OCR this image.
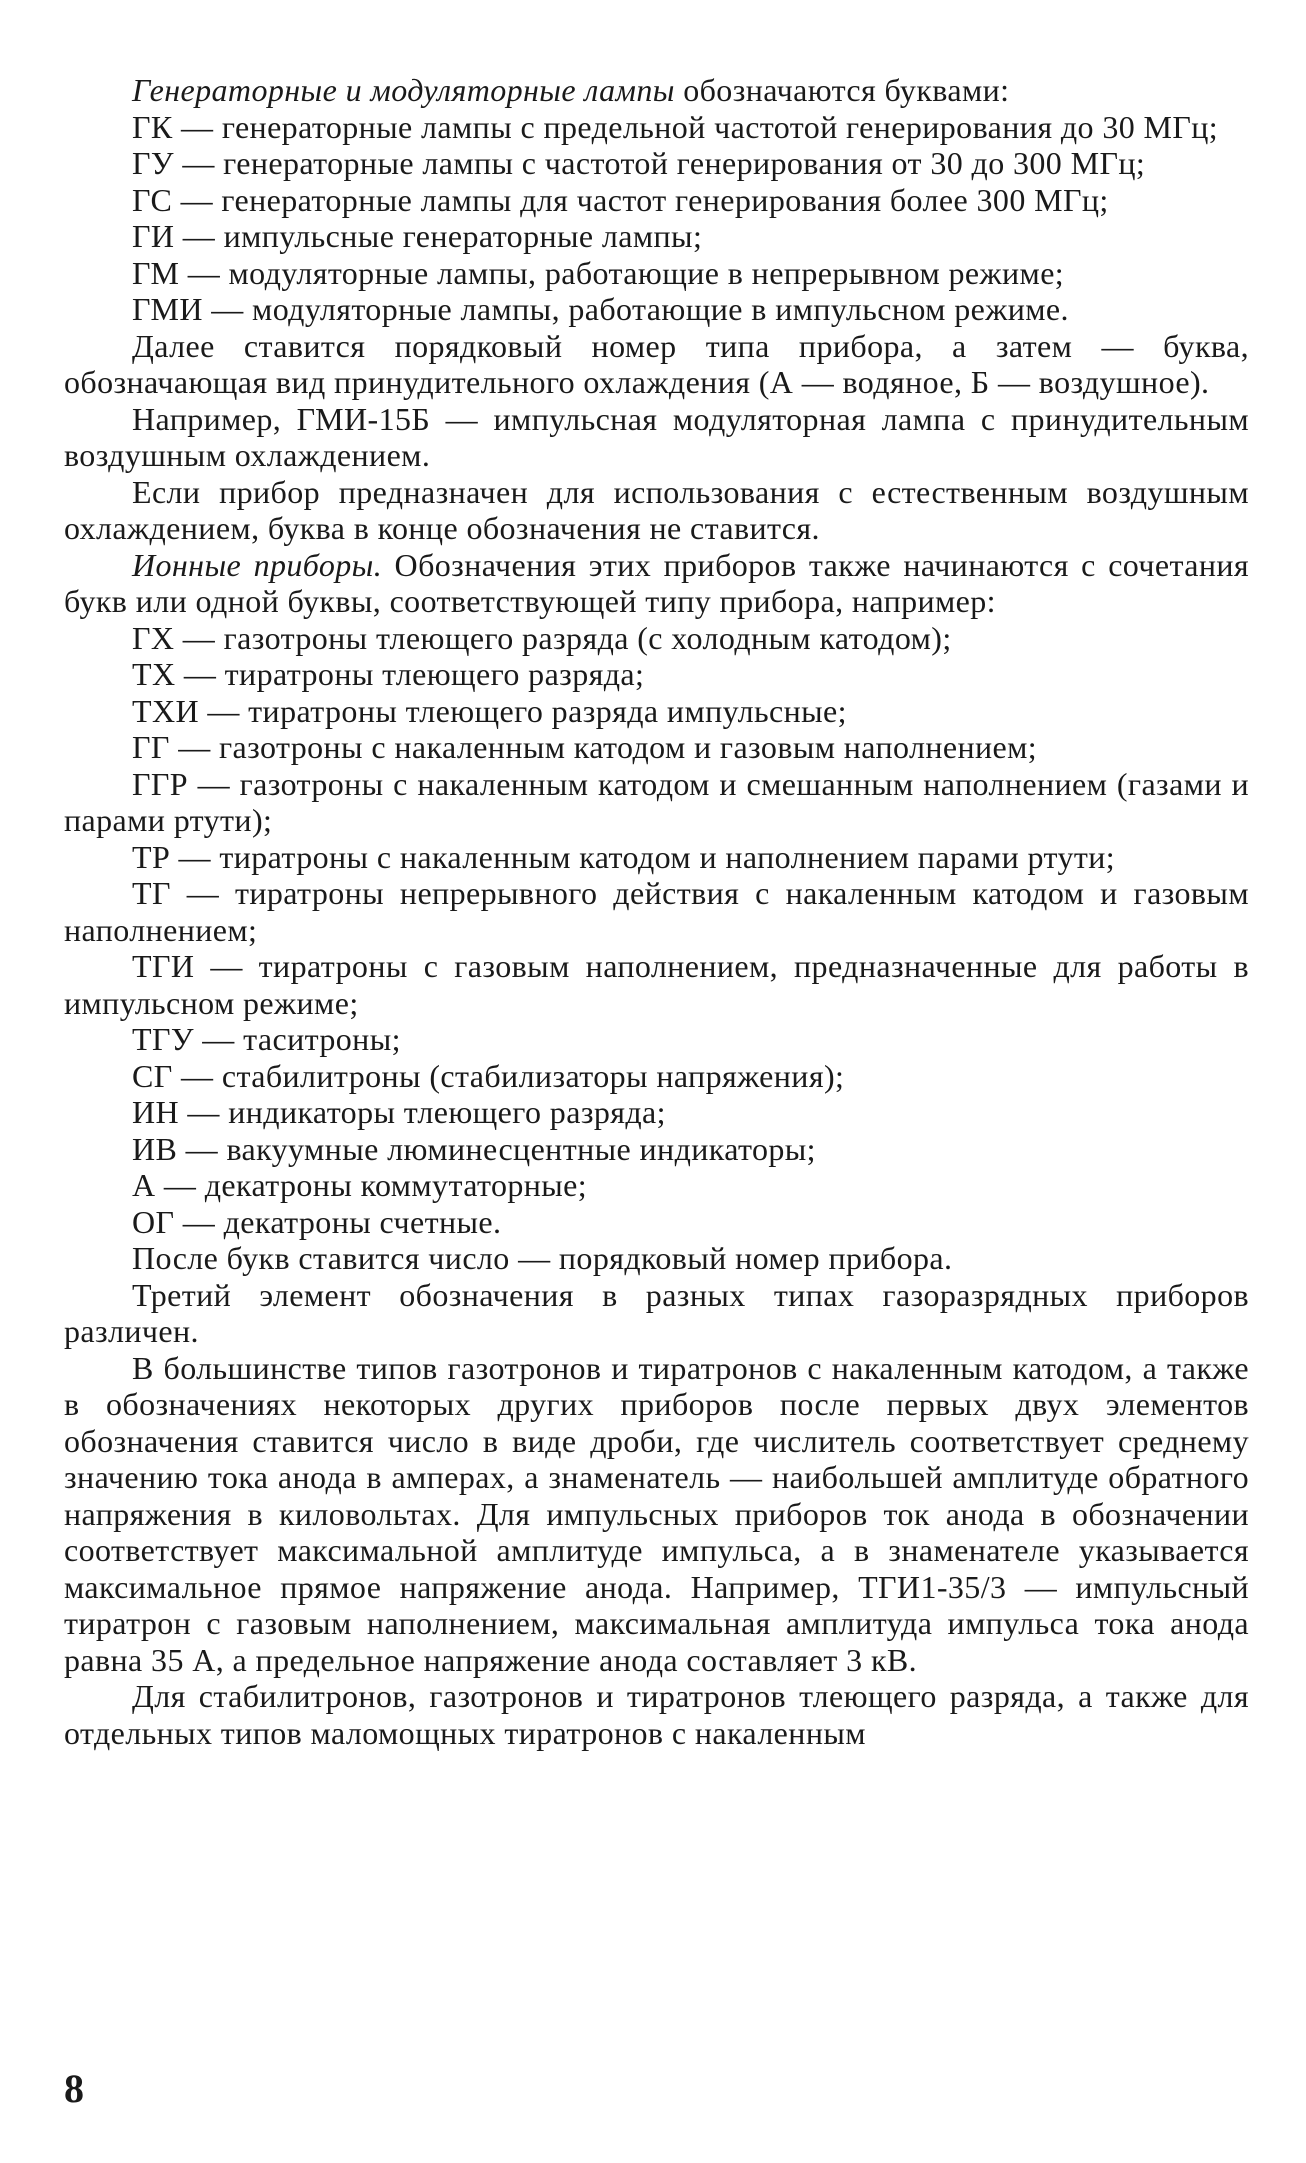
Генераторные и модуляторные лампы обозначаются буквами:

ГК — генераторные лампы с предельной частотой генерирования до 30 МГц;

ГУ — генераторные лампы с частотой генерирования от 30 до 300 МГц;

ГС — генераторные лампы для частот генерирования более 300 МГц;

ГИ — импульсные генераторные лампы;

ГМ — модуляторные лампы, работающие в непрерывном режиме;

ГМИ — модуляторные лампы, работающие в импульсном режиме.

Далее ставится порядковый номер типа прибора, а затем — буква, обозначающая вид принудительного охлаждения (А — водяное, Б — воздушное).

Например, ГМИ-15Б — импульсная модуляторная лампа с принудительным воздушным охлаждением.

Если прибор предназначен для использования с естественным воздушным охлаждением, буква в конце обозначения не ставится.

Ионные приборы. Обозначения этих приборов также начинаются с сочетания букв или одной буквы, соответствующей типу прибора, например:

ГХ — газотроны тлеющего разряда (с холодным катодом);

ТХ — тиратроны тлеющего разряда;

ТХИ — тиратроны тлеющего разряда импульсные;

ГГ — газотроны с накаленным катодом и газовым наполнением;

ГГР — газотроны с накаленным катодом и смешанным наполнением (газами и парами ртути);

ТР — тиратроны с накаленным катодом и наполнением парами ртути;

ТГ — тиратроны непрерывного действия с накаленным катодом и газовым наполнением;

ТГИ — тиратроны с газовым наполнением, предназначенные для работы в импульсном режиме;

ТГУ — таситроны;

СГ — стабилитроны (стабилизаторы напряжения);

ИН — индикаторы тлеющего разряда;

ИВ — вакуумные люминесцентные индикаторы;

А — декатроны коммутаторные;

ОГ — декатроны счетные.

После букв ставится число — порядковый номер прибора.

Третий элемент обозначения в разных типах газоразрядных приборов различен.

В большинстве типов газотронов и тиратронов с накаленным катодом, а также в обозначениях некоторых других приборов после первых двух элементов обозначения ставится число в виде дроби, где числитель соответствует среднему значению тока анода в амперах, а знаменатель — наибольшей амплитуде обратного напряжения в киловольтах. Для импульсных приборов ток анода в обозначении соответствует максимальной амплитуде импульса, а в знаменателе указывается максимальное прямое напряжение анода. Например, ТГИ1-35/3 — импульсный тиратрон с газовым наполнением, максимальная амплитуда импульса тока анода равна 35 А, а предельное напряжение анода составляет 3 кВ.

Для стабилитронов, газотронов и тиратронов тлеющего разряда, а также для отдельных типов маломощных тиратронов с накаленным

8
